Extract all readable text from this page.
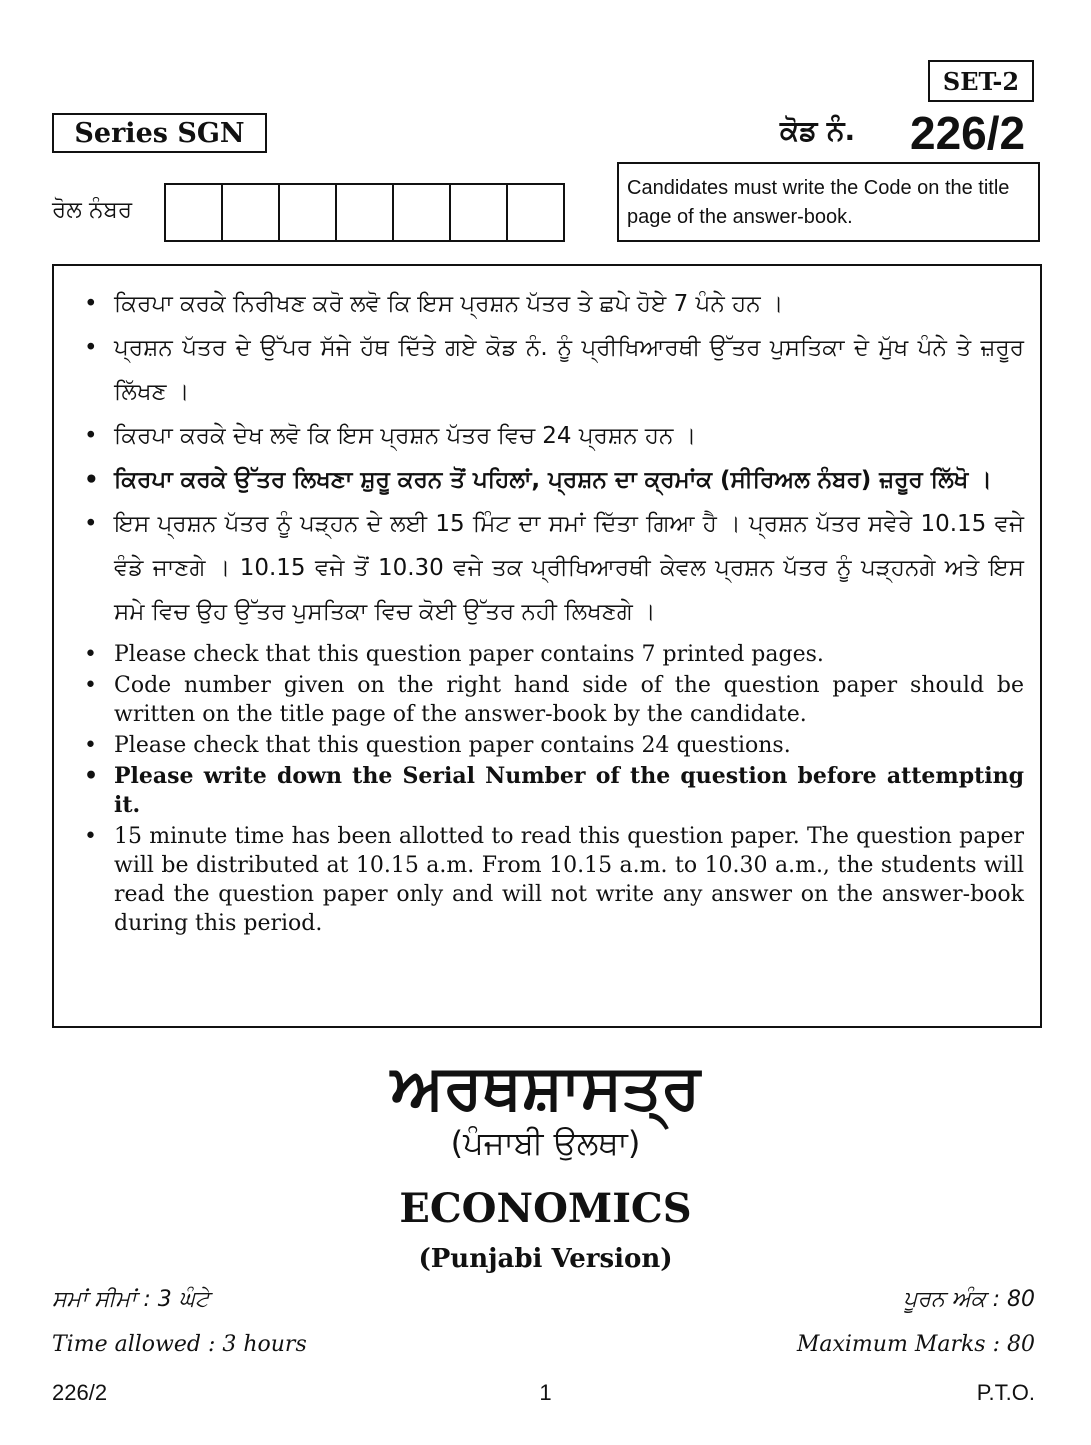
SET-2
Series SGN	ਕੋਡ ਨੰ. 226/2
ਰੋਲ ਨੰਬਰ
Candidates must write the Code on the title page of the answer-book.
• ਕਿਰਪਾ ਕਰਕੇ ਨਿਰੀਖਣ ਕਰੋ ਲਵੋ ਕਿ ਇਸ ਪ੍ਰਸ਼ਨ ਪੱਤਰ ਤੇ ਛਪੇ ਹੋਏ 7 ਪੰਨੇ ਹਨ ।
• ਪ੍ਰਸ਼ਨ ਪੱਤਰ ਦੇ ਉੱਪਰ ਸੱਜੇ ਹੱਥ ਦਿੱਤੇ ਗਏ ਕੋਡ ਨੰ. ਨੂੰ ਪ੍ਰੀਖਿਆਰਥੀ ਉੱਤਰ ਪੁਸਤਿਕਾ ਦੇ ਮੁੱਖ ਪੰਨੇ ਤੇ ਜ਼ਰੂਰ ਲਿੱਖਣ ।
• ਕਿਰਪਾ ਕਰਕੇ ਦੇਖ ਲਵੋ ਕਿ ਇਸ ਪ੍ਰਸ਼ਨ ਪੱਤਰ ਵਿਚ 24 ਪ੍ਰਸ਼ਨ ਹਨ ।
• ਕਿਰਪਾ ਕਰਕੇ ਉੱਤਰ ਲਿਖਣਾ ਸ਼ੁਰੂ ਕਰਨ ਤੋਂ ਪਹਿਲਾਂ, ਪ੍ਰਸ਼ਨ ਦਾ ਕ੍ਰਮਾਂਕ (ਸੀਰਿਅਲ ਨੰਬਰ) ਜ਼ਰੂਰ ਲਿੱਖੋ ।
• ਇਸ ਪ੍ਰਸ਼ਨ ਪੱਤਰ ਨੂੰ ਪੜ੍ਹਨ ਦੇ ਲਈ 15 ਮਿੰਟ ਦਾ ਸਮਾਂ ਦਿੱਤਾ ਗਿਆ ਹੈ । ਪ੍ਰਸ਼ਨ ਪੱਤਰ ਸਵੇਰੇ 10.15 ਵਜੇ ਵੰਡੇ ਜਾਣਗੇ । 10.15 ਵਜੇ ਤੋਂ 10.30 ਵਜੇ ਤਕ ਪ੍ਰੀਖਿਆਰਥੀ ਕੇਵਲ ਪ੍ਰਸ਼ਨ ਪੱਤਰ ਨੂੰ ਪੜ੍ਹਨਗੇ ਅਤੇ ਇਸ ਸਮੇ ਵਿਚ ਉਹ ਉੱਤਰ ਪੁਸਤਿਕਾ ਵਿਚ ਕੋਈ ਉੱਤਰ ਨਹੀ ਲਿਖਣਗੇ ।
• Please check that this question paper contains 7 printed pages.
• Code number given on the right hand side of the question paper should be written on the title page of the answer-book by the candidate.
• Please check that this question paper contains 24 questions.
• Please write down the Serial Number of the question before attempting it.
• 15 minute time has been allotted to read this question paper. The question paper will be distributed at 10.15 a.m. From 10.15 a.m. to 10.30 a.m., the students will read the question paper only and will not write any answer on the answer-book during this period.
ਅਰਥਸ਼ਾਸਤ੍ਰ
(ਪੰਜਾਬੀ ਉਲਥਾ)
ECONOMICS
(Punjabi Version)
ਸਮਾਂ ਸੀਮਾਂ : 3 ਘੰਟੇ	ਪੂਰਨ ਅੰਕ : 80
Time allowed : 3 hours	Maximum Marks : 80
226/2	1	P.T.O.
